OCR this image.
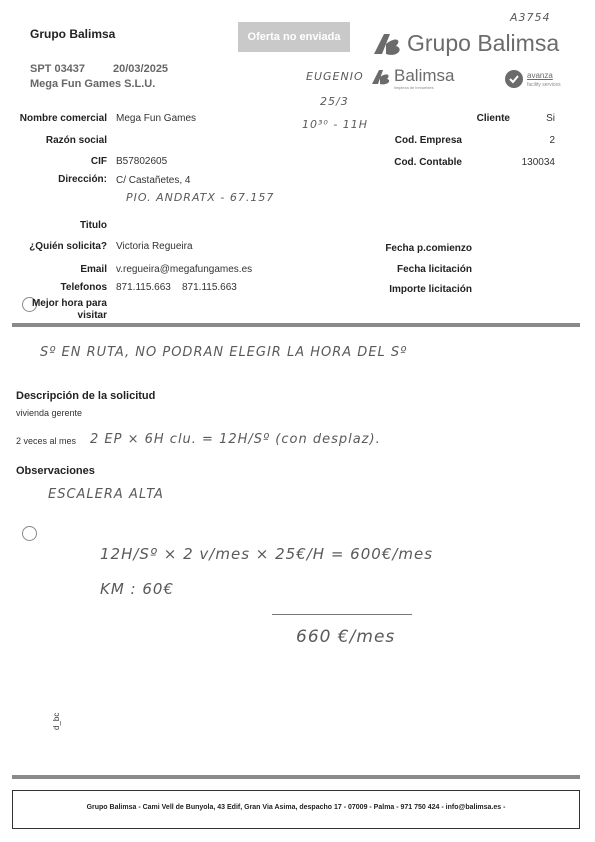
Grupo Balimsa
SPT 03437	20/03/2025
Mega Fun Games S.L.U.
Oferta no enviada	Grupo Balimsa
A3754
EUGENIO
25/3
10³⁰ - 11H
Balimsa
limpieza de inmuebles
avanza
facility services
Nombre comercial Mega Fun Games
Razón social
CIF B57802605
Dirección: C/ Castañetes, 4
PIO. ANDRATX - 67.157
Titulo
¿Quién solicita? Victoria Regueira
Email v.regueira@megafungames.es
Telefonos 871.115.663    871.115.663
Mejor hora para
visitar
Cliente	Si
Cod. Empresa	2
Cod. Contable	130034
Fecha p.comienzo
Fecha licitación
Importe licitación
Sº EN RUTA, NO PODRAN ELEGIR LA HORA DEL Sº
Descripción de la solicitud
vivienda gerente
2 veces al mes 2 EP × 6H clu. = 12H/Sº (con desplaz).
Observaciones
ESCALERA ALTA
12H/Sº × 2 v/mes × 25€/H = 600€/mes
KM : 60€
660 €/mes
d_bc
Grupo Balimsa - Cami Vell de Bunyola, 43 Edif, Gran Via Asima, despacho 17 - 07009 - Palma - 971 750 424 - info@balimsa.es -
